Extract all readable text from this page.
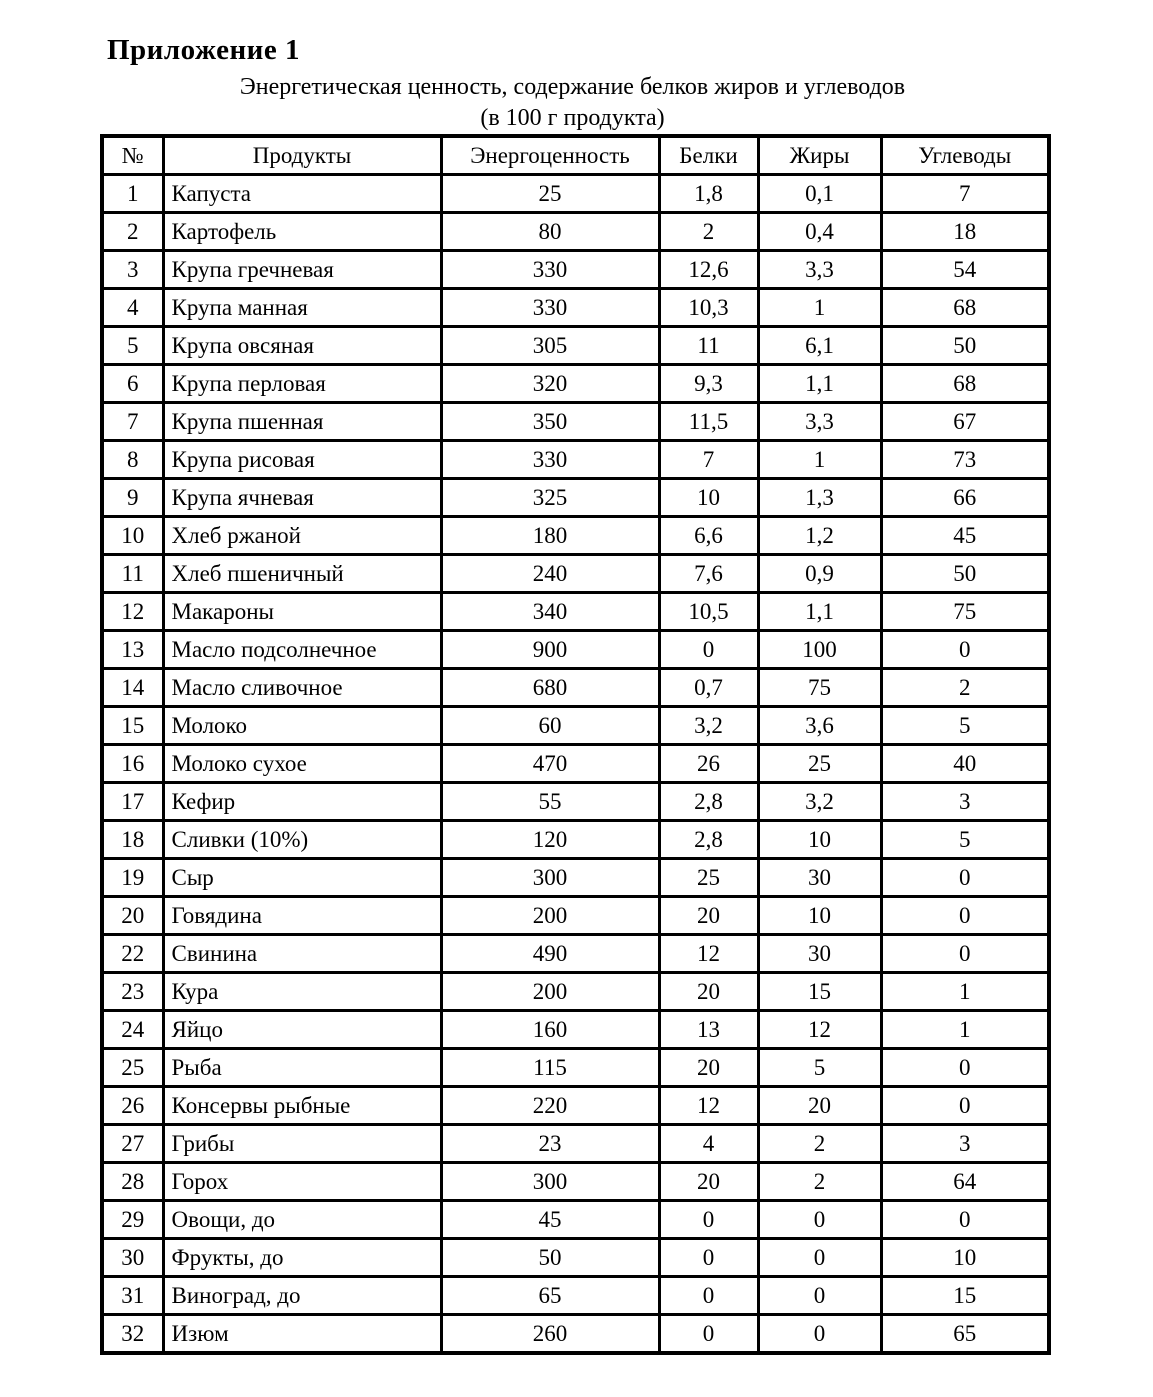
Приложение 1
Энергетическая ценность, содержание белков жиров и углеводов
(в 100 г продукта)
№	Продукты	Энергоценность	Белки	Жиры	Углеводы
1	Капуста	25	1,8	0,1	7
2	Картофель	80	2	0,4	18
3	Крупа гречневая	330	12,6	3,3	54
4	Крупа манная	330	10,3	1	68
5	Крупа овсяная	305	11	6,1	50
6	Крупа перловая	320	9,3	1,1	68
7	Крупа пшенная	350	11,5	3,3	67
8	Крупа рисовая	330	7	1	73
9	Крупа ячневая	325	10	1,3	66
10	Хлеб ржаной	180	6,6	1,2	45
11	Хлеб пшеничный	240	7,6	0,9	50
12	Макароны	340	10,5	1,1	75
13	Масло подсолнечное	900	0	100	0
14	Масло сливочное	680	0,7	75	2
15	Молоко	60	3,2	3,6	5
16	Молоко сухое	470	26	25	40
17	Кефир	55	2,8	3,2	3
18	Сливки (10%)	120	2,8	10	5
19	Сыр	300	25	30	0
20	Говядина	200	20	10	0
22	Свинина	490	12	30	0
23	Кура	200	20	15	1
24	Яйцо	160	13	12	1
25	Рыба	115	20	5	0
26	Консервы рыбные	220	12	20	0
27	Грибы	23	4	2	3
28	Горох	300	20	2	64
29	Овощи, до	45	0	0	0
30	Фрукты, до	50	0	0	10
31	Виноград, до	65	0	0	15
32	Изюм	260	0	0	65
